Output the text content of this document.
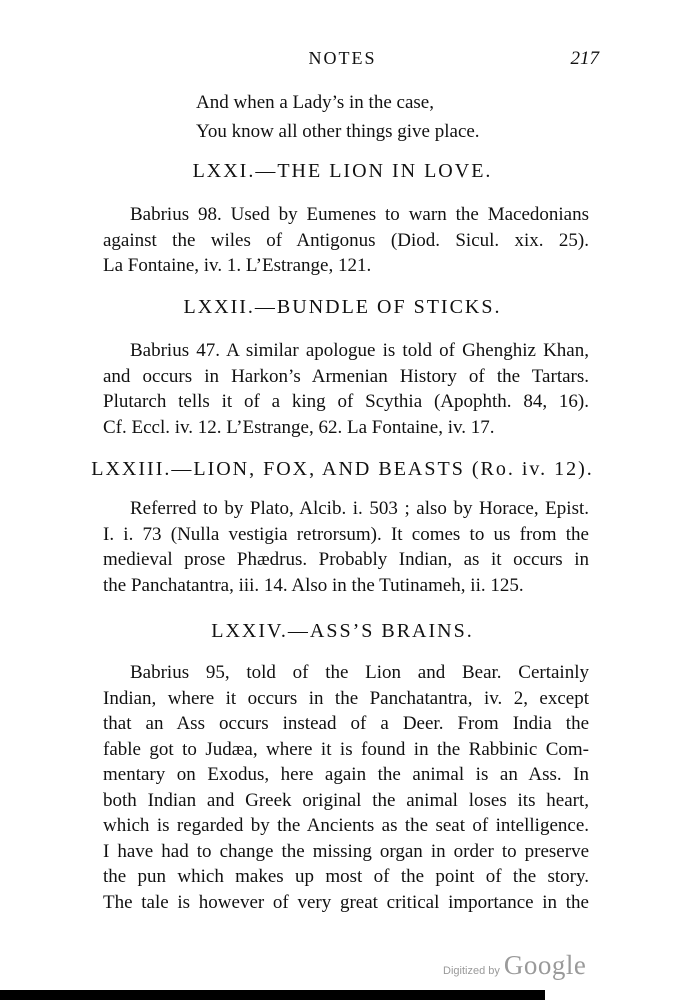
NOTES	217
And when a Lady’s in the case,
You know all other things give place.
LXXI.—THE LION IN LOVE.
Babrius 98. Used by Eumenes to warn the Macedonians
against the wiles of Antigonus (Diod. Sicul. xix. 25).
La Fontaine, iv. 1. L’Estrange, 121.
LXXII.—BUNDLE OF STICKS.
Babrius 47. A similar apologue is told of Ghenghiz Khan,
and occurs in Harkon’s Armenian History of the Tartars.
Plutarch tells it of a king of Scythia (Apophth. 84, 16).
Cf. Eccl. iv. 12. L’Estrange, 62. La Fontaine, iv. 17.
LXXIII.—LION, FOX, AND BEASTS (Ro. iv. 12).
Referred to by Plato, Alcib. i. 503 ; also by Horace, Epist.
I. i. 73 (Nulla vestigia retrorsum). It comes to us from the
medieval prose Phædrus. Probably Indian, as it occurs in
the Panchatantra, iii. 14. Also in the Tutinameh, ii. 125.
LXXIV.—ASS’S BRAINS.
Babrius 95, told of the Lion and Bear. Certainly
Indian, where it occurs in the Panchatantra, iv. 2, except
that an Ass occurs instead of a Deer. From India the
fable got to Judæa, where it is found in the Rabbinic Com-
mentary on Exodus, here again the animal is an Ass. In
both Indian and Greek original the animal loses its heart,
which is regarded by the Ancients as the seat of intelligence.
I have had to change the missing organ in order to preserve
the pun which makes up most of the point of the story.
The tale is however of very great critical importance in the
Digitized by Google
